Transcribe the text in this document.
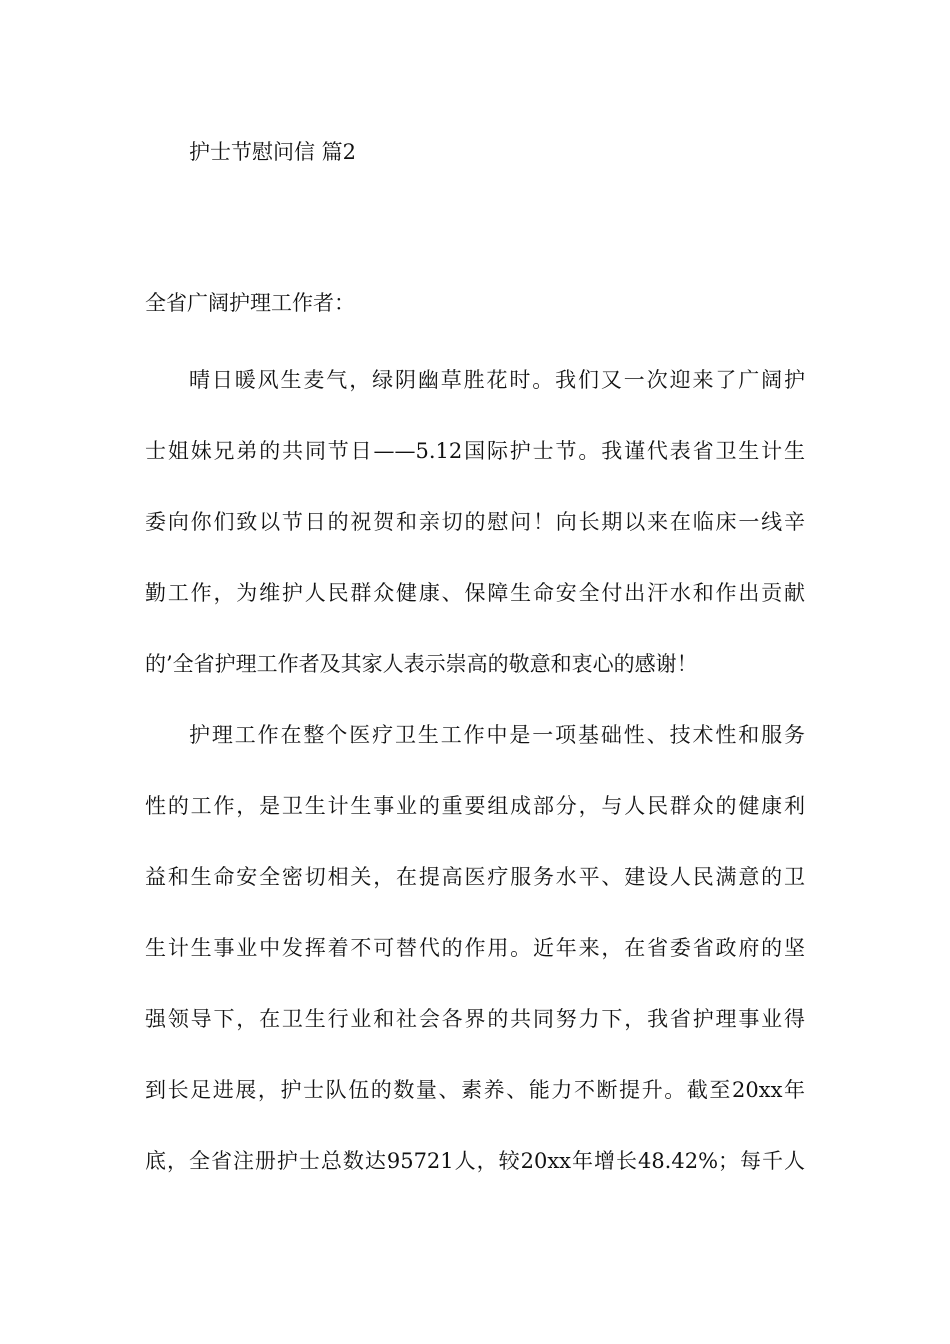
护士节慰问信 篇2
全省广阔护理工作者：
晴日暖风生麦气，绿阴幽草胜花时。我们又一次迎来了广阔护
士姐妹兄弟的共同节日——5.12国际护士节。我谨代表省卫生计生
委向你们致以节日的祝贺和亲切的慰问！向长期以来在临床一线辛
勤工作，为维护人民群众健康、保障生命安全付出汗水和作出贡献
的’全省护理工作者及其家人表示崇高的敬意和衷心的感谢！
护理工作在整个医疗卫生工作中是一项基础性、技术性和服务
性的工作，是卫生计生事业的重要组成部分，与人民群众的健康利
益和生命安全密切相关，在提高医疗服务水平、建设人民满意的卫
生计生事业中发挥着不可替代的作用。近年来，在省委省政府的坚
强领导下，在卫生行业和社会各界的共同努力下，我省护理事业得
到长足进展，护士队伍的数量、素养、能力不断提升。截至20xx年
底，全省注册护士总数达95721人，较20xx年增长48.42%；每千人
